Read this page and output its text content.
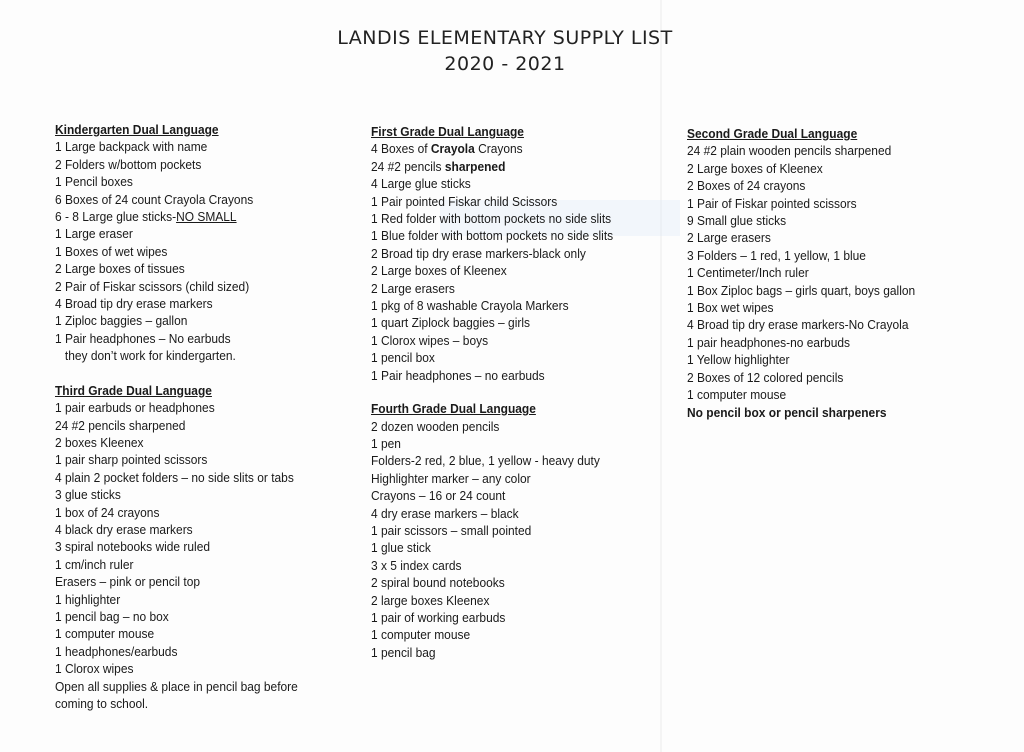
LANDIS ELEMENTARY SUPPLY LIST
2020 - 2021
Kindergarten Dual Language
1 Large backpack with name
2 Folders w/bottom pockets
1 Pencil boxes
6 Boxes of 24 count Crayola Crayons
6 - 8 Large glue sticks-NO SMALL
1 Large eraser
1 Boxes of wet wipes
2 Large boxes of tissues
2 Pair of Fiskar scissors (child sized)
4 Broad tip dry erase markers
1 Ziploc baggies – gallon
1 Pair headphones – No earbuds
they don’t work for kindergarten.
Third Grade Dual Language
1 pair earbuds or headphones
24 #2 pencils sharpened
2 boxes Kleenex
1 pair sharp pointed scissors
4 plain 2 pocket folders – no side slits or tabs
3 glue sticks
1 box of 24 crayons
4 black dry erase markers
3 spiral notebooks wide ruled
1 cm/inch ruler
Erasers – pink or pencil top
1 highlighter
1 pencil bag – no box
1 computer mouse
1 headphones/earbuds
1 Clorox wipes
Open all supplies & place in pencil bag before
coming to school.
First Grade Dual Language
4 Boxes of Crayola Crayons
24 #2 pencils sharpened
4 Large glue sticks
1 Pair pointed Fiskar child Scissors
1 Red folder with bottom pockets no side slits
1 Blue folder with bottom pockets no side slits
2 Broad tip dry erase markers-black only
2 Large boxes of Kleenex
2 Large erasers
1 pkg of 8 washable Crayola Markers
1 quart Ziplock baggies – girls
1 Clorox wipes – boys
1 pencil box
1 Pair headphones – no earbuds
Fourth Grade Dual Language
2 dozen wooden pencils
1 pen
Folders-2 red, 2 blue, 1 yellow - heavy duty
Highlighter marker – any color
Crayons – 16 or 24 count
4 dry erase markers – black
1 pair scissors – small pointed
1 glue stick
3 x 5 index cards
2 spiral bound notebooks
2 large boxes Kleenex
1 pair of working earbuds
1 computer mouse
1 pencil bag
Second Grade Dual Language
24 #2 plain wooden pencils sharpened
2 Large boxes of Kleenex
2 Boxes of 24 crayons
1 Pair of Fiskar pointed scissors
9 Small glue sticks
2 Large erasers
3 Folders – 1 red, 1 yellow, 1 blue
1 Centimeter/Inch ruler
1 Box Ziploc bags – girls quart, boys gallon
1 Box wet wipes
4 Broad tip dry erase markers-No Crayola
1 pair headphones-no earbuds
1 Yellow highlighter
2 Boxes of 12 colored pencils
1 computer mouse
No pencil box or pencil sharpeners
